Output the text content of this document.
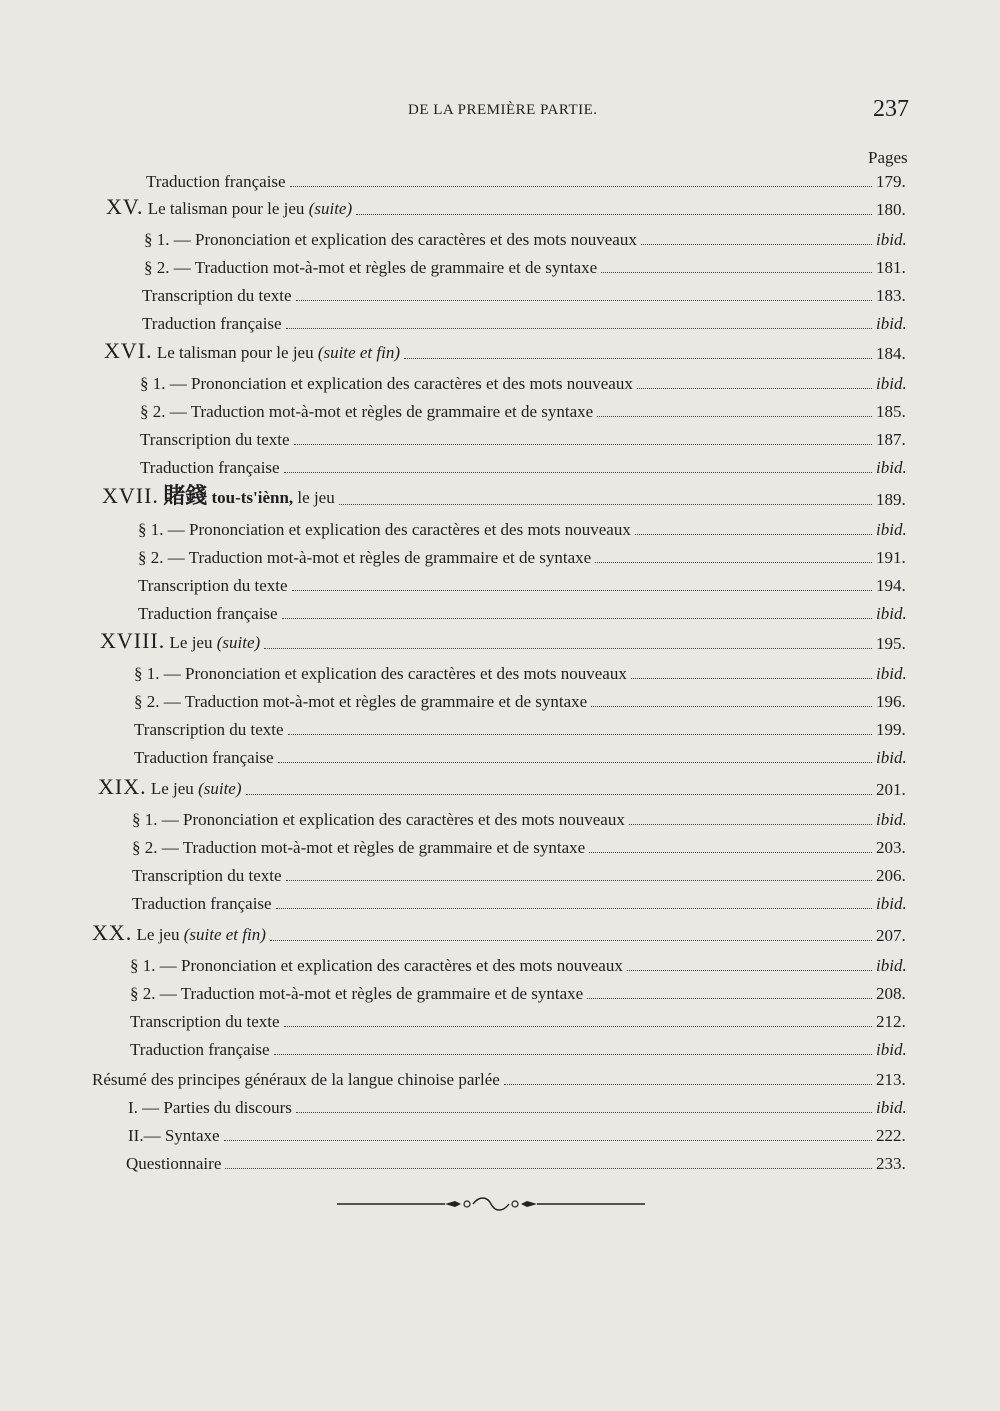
DE LA PREMIÈRE PARTIE.	237
Pages
Traduction française	179.
XV. Le talisman pour le jeu (suite)	180.
§ 1. — Prononciation et explication des caractères et des mots nouveaux	ibid.
§ 2. — Traduction mot-à-mot et règles de grammaire et de syntaxe	181.
Transcription du texte	183.
Traduction française	ibid.
XVI. Le talisman pour le jeu (suite et fin)	184.
§ 1. — Prononciation et explication des caractères et des mots nouveaux	ibid.
§ 2. — Traduction mot-à-mot et règles de grammaire et de syntaxe	185.
Transcription du texte	187.
Traduction française	ibid.
XVII. 賭錢 tou-ts'iènn, le jeu	189.
§ 1. — Prononciation et explication des caractères et des mots nouveaux	ibid.
§ 2. — Traduction mot-à-mot et règles de grammaire et de syntaxe	191.
Transcription du texte	194.
Traduction française	ibid.
XVIII. Le jeu (suite)	195.
§ 1. — Prononciation et explication des caractères et des mots nouveaux	ibid.
§ 2. — Traduction mot-à-mot et règles de grammaire et de syntaxe	196.
Transcription du texte	199.
Traduction française	ibid.
XIX. Le jeu (suite)	201.
§ 1. — Prononciation et explication des caractères et des mots nouveaux	ibid.
§ 2. — Traduction mot-à-mot et règles de grammaire et de syntaxe	203.
Transcription du texte	206.
Traduction française	ibid.
XX. Le jeu (suite et fin)	207.
§ 1. — Prononciation et explication des caractères et des mots nouveaux	ibid.
§ 2. — Traduction mot-à-mot et règles de grammaire et de syntaxe	208.
Transcription du texte	212.
Traduction française	ibid.
Résumé des principes généraux de la langue chinoise parlée	213.
I. — Parties du discours	ibid.
II.— Syntaxe	222.
Questionnaire	233.
